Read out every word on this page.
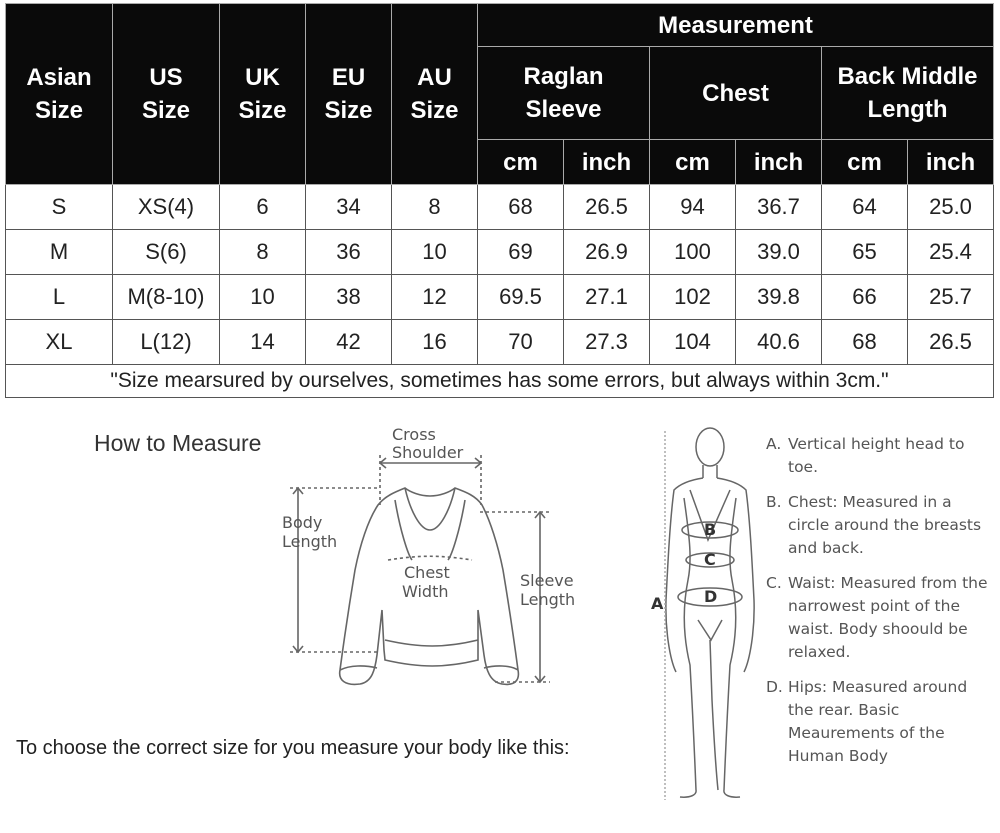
Asian Size	US Size	UK Size	EU Size	AU Size	Measurement					
					Raglan Sleeve		Chest		Back Middle Length	
					cm	inch	cm	inch	cm	inch
S	XS(4)	6	34	8	68	26.5	94	36.7	64	25.0
M	S(6)	8	36	10	69	26.9	100	39.0	65	25.4
L	M(8-10)	10	38	12	69.5	27.1	102	39.8	66	25.7
XL	L(12)	14	42	16	70	27.3	104	40.6	68	26.5
"Size mearsured by ourselves, sometimes has some errors, but always within 3cm."										
How to Measure	Cross
Shoulder
Body
Length
Chest
Width
Sleeve
Length
B
C
D
A
A. Vertical height head to toe.
B. Chest: Measured in a circle around the breasts and back.
C. Waist: Measured from the narrowest point of the waist. Body shoould be relaxed.
D. Hips: Measured around the rear. Basic Meaurements of the Human Body
To choose the correct size for you measure your body like this:
